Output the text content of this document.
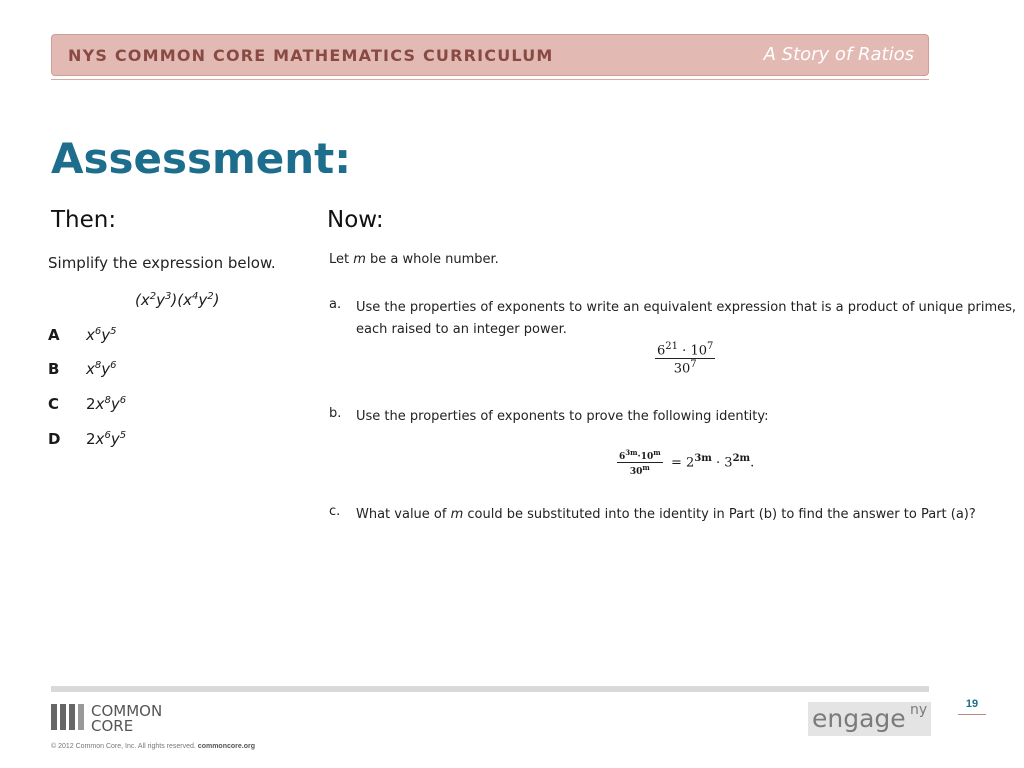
NYS COMMON CORE MATHEMATICS CURRICULUM	A Story of Ratios
Assessment:
Then:
Simplify the expression below.
$(x^2y^3)(x^4y^2)$
A $x^6y^5$
B $x^8y^6$
C $2x^8y^6$
D $2x^6y^5$
Now:
Let m be a whole number.
a. Use the properties of exponents to write an equivalent expression that is a product of unique primes, each raised to an integer power.
$\frac{6^{21} \cdot 10^7}{30^7}$
b. Use the properties of exponents to prove the following identity:
$\frac{6^{3m}\cdot 10^m}{30^m} = 2^{3m} \cdot 3^{2m}$.
c. What value of m could be substituted into the identity in Part (b) to find the answer to Part (a)?
COMMON
CORE
© 2012 Common Core, Inc. All rights reserved. commoncore.org
19
engage ny
